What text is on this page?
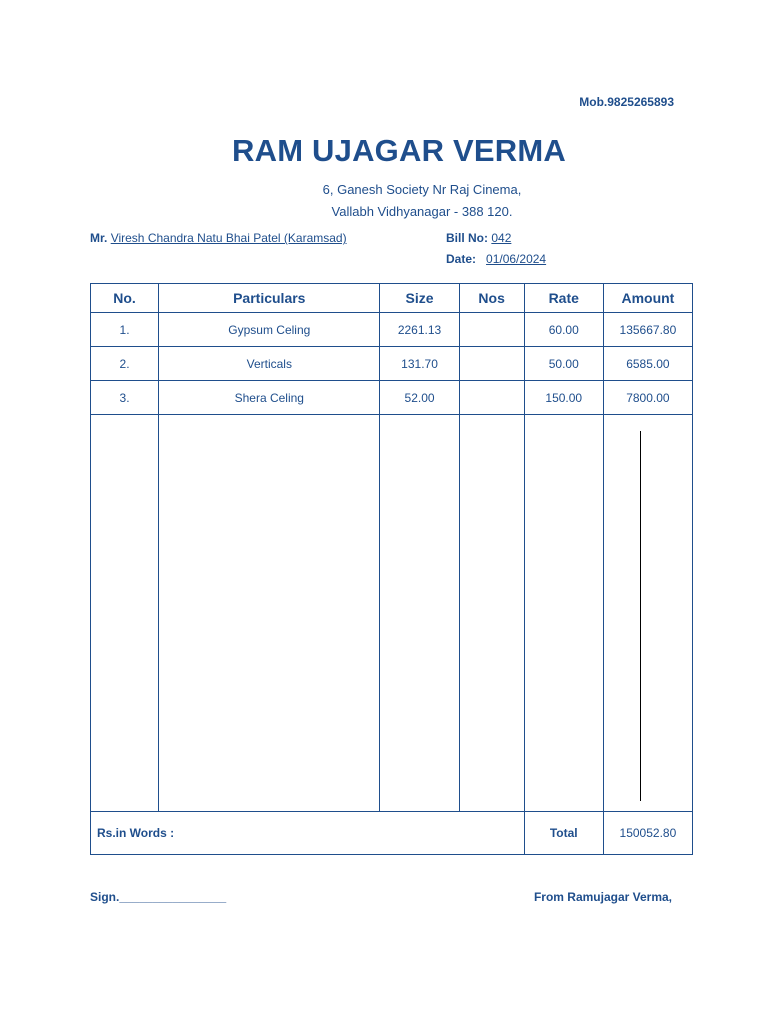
Mob.9825265893
RAM UJAGAR VERMA
6, Ganesh Society Nr Raj Cinema,
Vallabh Vidhyanagar - 388 120.
Mr. Viresh Chandra Natu Bhai Patel (Karamsad)	Bill No: 042
Date: 01/06/2024
No.	Particulars	Size	Nos	Rate	Amount
1.	Gypsum Celing	2261.13		60.00	135667.80
2.	Verticals	131.70		50.00	6585.00
3.	Shera Celing	52.00		150.00	7800.00

Rs.in Words :				Total	150052.80
Sign.________________	From Ramujagar Verma,
